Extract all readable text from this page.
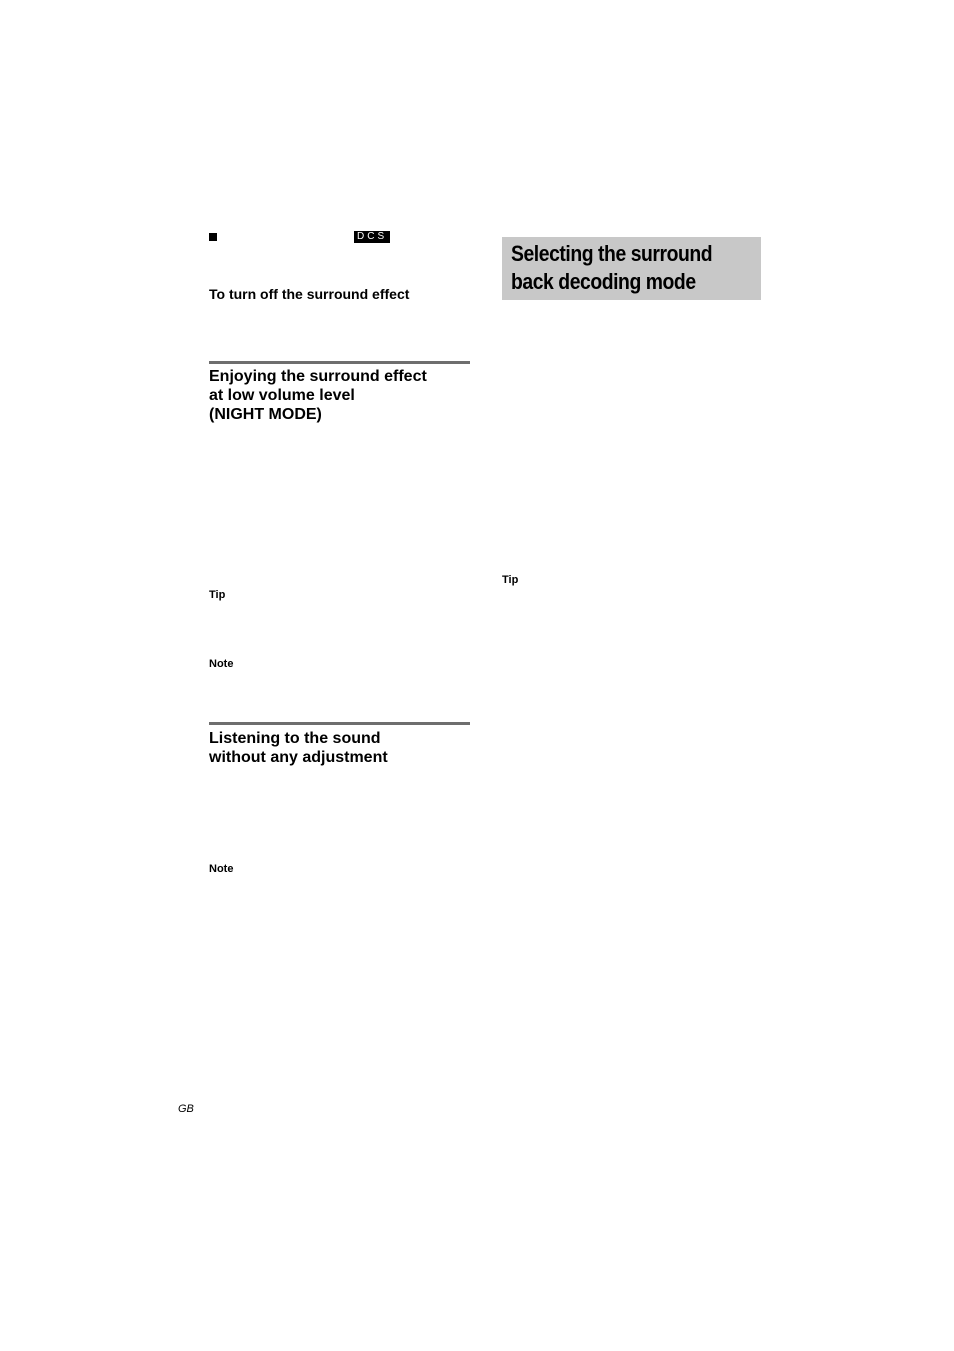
DCS
To turn off the surround effect
Enjoying the surround effect
at low volume level
(NIGHT MODE)
Tip
Note
Listening to the sound
without any adjustment
Note
Selecting the surround
back decoding mode
Tip
GB
